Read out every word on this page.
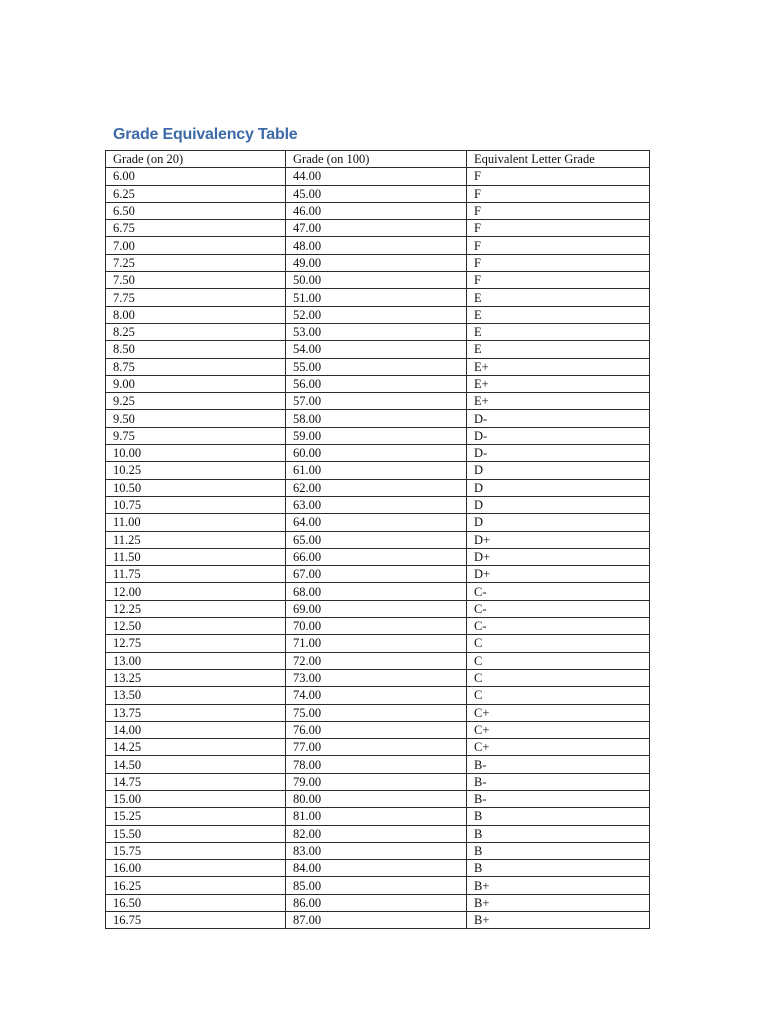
Grade Equivalency Table
Grade (on 20)	Grade (on 100)	Equivalent Letter Grade
6.00	44.00	F
6.25	45.00	F
6.50	46.00	F
6.75	47.00	F
7.00	48.00	F
7.25	49.00	F
7.50	50.00	F
7.75	51.00	E
8.00	52.00	E
8.25	53.00	E
8.50	54.00	E
8.75	55.00	E+
9.00	56.00	E+
9.25	57.00	E+
9.50	58.00	D-
9.75	59.00	D-
10.00	60.00	D-
10.25	61.00	D
10.50	62.00	D
10.75	63.00	D
11.00	64.00	D
11.25	65.00	D+
11.50	66.00	D+
11.75	67.00	D+
12.00	68.00	C-
12.25	69.00	C-
12.50	70.00	C-
12.75	71.00	C
13.00	72.00	C
13.25	73.00	C
13.50	74.00	C
13.75	75.00	C+
14.00	76.00	C+
14.25	77.00	C+
14.50	78.00	B-
14.75	79.00	B-
15.00	80.00	B-
15.25	81.00	B
15.50	82.00	B
15.75	83.00	B
16.00	84.00	B
16.25	85.00	B+
16.50	86.00	B+
16.75	87.00	B+
